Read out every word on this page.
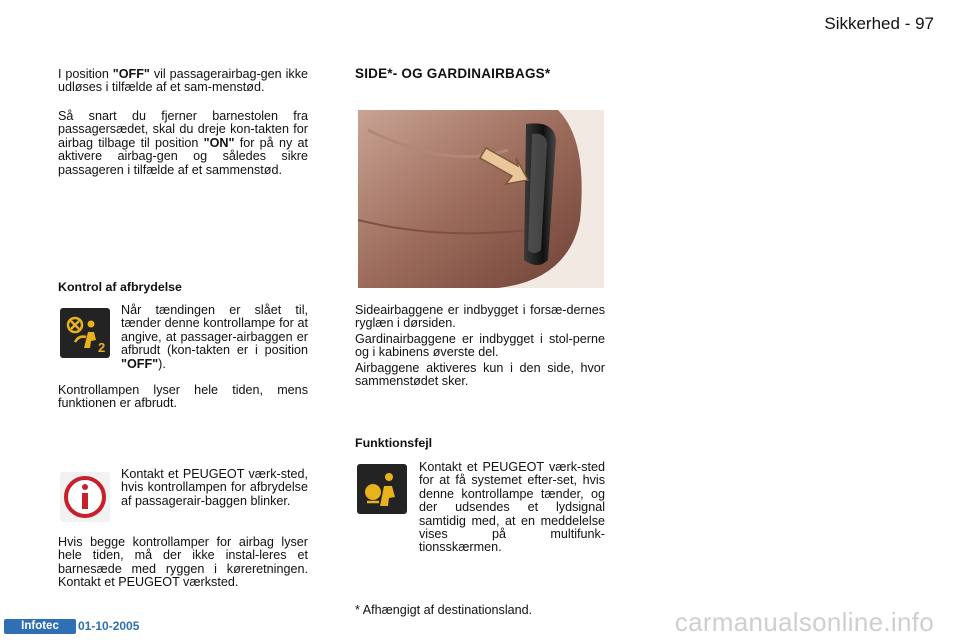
Sikkerhed - 97

I position "OFF" vil passagerairbag-gen ikke udløses i tilfælde af et sam-menstød.

Så snart du fjerner barnestolen fra passagersædet, skal du dreje kon-takten for airbag tilbage til position "ON" for på ny at aktivere airbag-gen og således sikre passageren i tilfælde af et sammenstød.

Kontrol af afbrydelse
2

Når tændingen er slået til, tænder denne kontrollampe for at angive, at passager-airbaggen er afbrudt (kon-takten er i position "OFF").

Kontrollampen lyser hele tiden, mens funktionen er afbrudt.

Kontakt et PEUGEOT værk-sted, hvis kontrollampen for afbrydelse af passagerair-baggen blinker.

Hvis begge kontrollamper for airbag lyser hele tiden, må der ikke instal-leres et barnesæde med ryggen i køreretningen. Kontakt et PEUGEOT værksted.

SIDE*- OG GARDINAIRBAGS*

Sideairbaggene er indbygget i forsæ-dernes ryglæn i dørsiden.

Gardinairbaggene er indbygget i stol-perne og i kabinens øverste del.

Airbaggene aktiveres kun i den side, hvor sammenstødet sker.

Funktionsfejl

Kontakt et PEUGEOT værk-sted for at få systemet efter-set, hvis denne kontrollampe tænder, og der udsendes et lydsignal samtidig med, at en meddelelse vises på multifunk-tionsskærmen.

* Afhængigt af destinationsland.

Infotec	01-10-2005	carmanualsonline.info
